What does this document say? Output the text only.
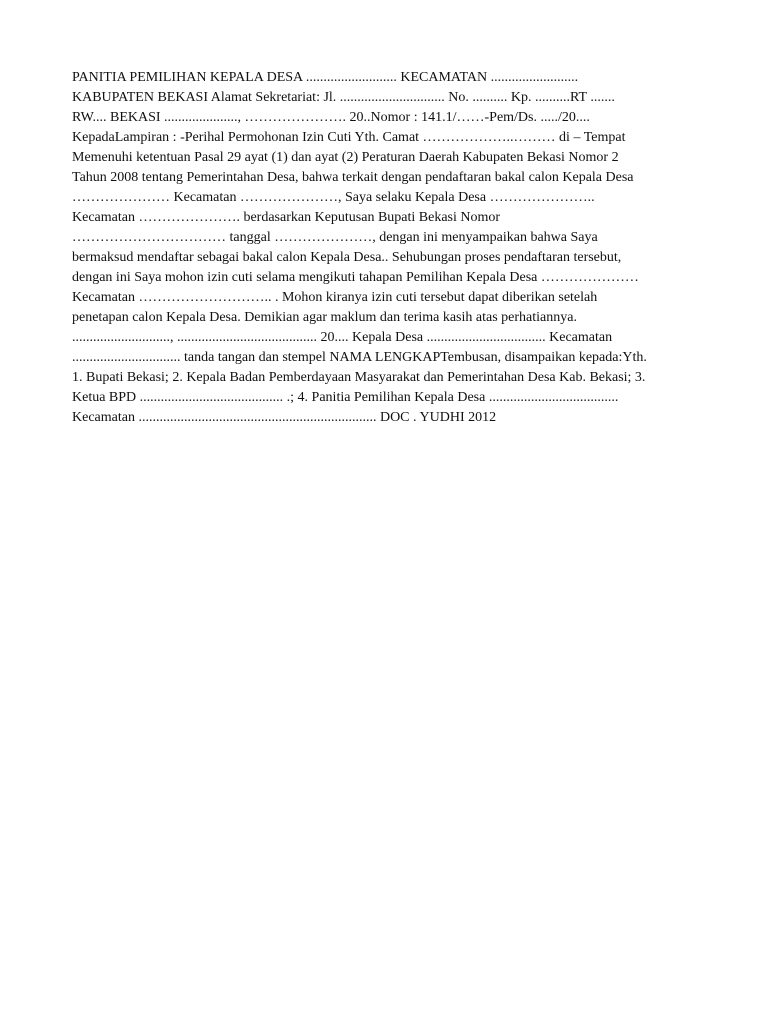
PANITIA PEMILIHAN KEPALA DESA .......................... KECAMATAN .........................
KABUPATEN BEKASI Alamat Sekretariat: Jl. .............................. No. .......... Kp. ..........RT .......
RW.... BEKASI ....................., …………………. 20..Nomor : 141.1/……-Pem/Ds. ...../20....
KepadaLampiran : -Perihal Permohonan Izin Cuti Yth. Camat ………………..……… di – Tempat
Memenuhi ketentuan Pasal 29 ayat (1) dan ayat (2) Peraturan Daerah Kabupaten Bekasi Nomor 2
Tahun 2008 tentang Pemerintahan Desa, bahwa terkait dengan pendaftaran bakal calon Kepala Desa
………………… Kecamatan …………………, Saya selaku Kepala Desa …………………..
Kecamatan …………………. berdasarkan Keputusan Bupati Bekasi Nomor
…………………………… tanggal …………………, dengan ini menyampaikan bahwa Saya
bermaksud mendaftar sebagai bakal calon Kepala Desa.. Sehubungan proses pendaftaran tersebut,
dengan ini Saya mohon izin cuti selama mengikuti tahapan Pemilihan Kepala Desa …………………
Kecamatan ……………………….. . Mohon kiranya izin cuti tersebut dapat diberikan setelah
penetapan calon Kepala Desa. Demikian agar maklum dan terima kasih atas perhatiannya.
............................, ........................................ 20.... Kepala Desa .................................. Kecamatan
............................... tanda tangan dan stempel NAMA LENGKAPTembusan, disampaikan kepada:Yth.
1. Bupati Bekasi; 2. Kepala Badan Pemberdayaan Masyarakat dan Pemerintahan Desa Kab. Bekasi; 3.
Ketua BPD ......................................... .; 4. Panitia Pemilihan Kepala Desa .....................................
Kecamatan .................................................................... DOC . YUDHI 2012
